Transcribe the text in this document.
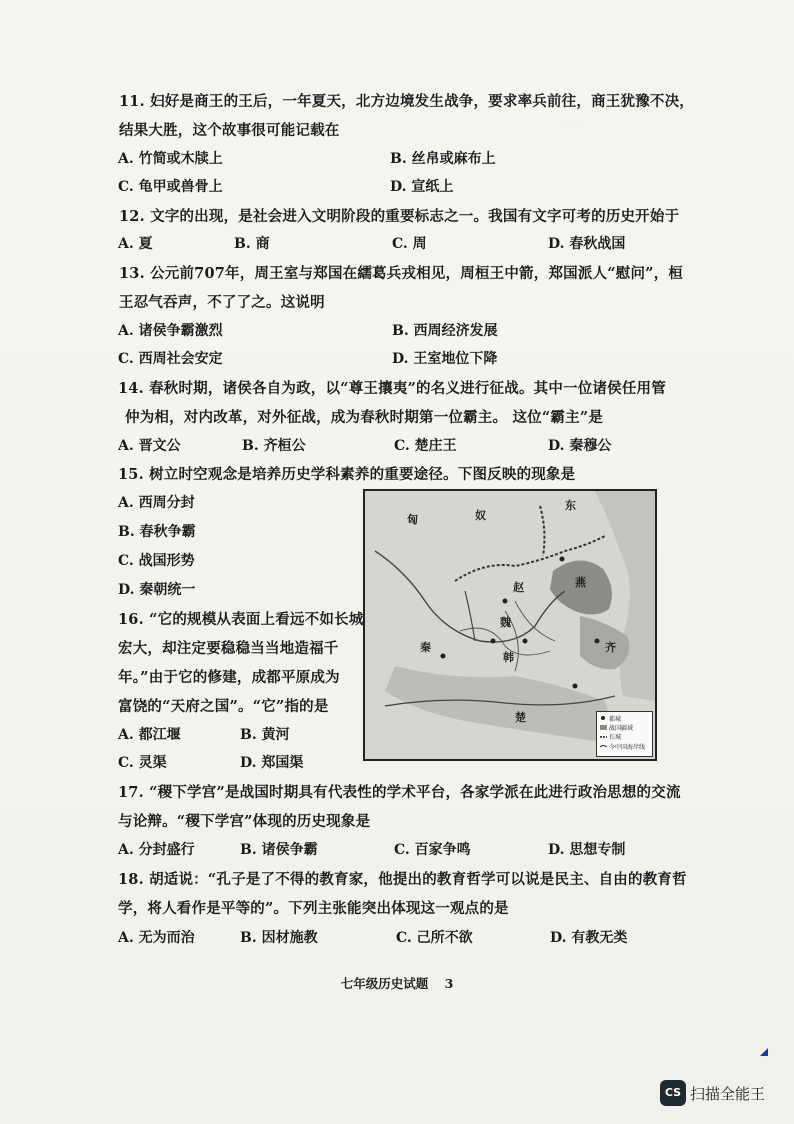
· · ·
11. 妇好是商王的王后，一年夏天，北方边境发生战争，要求率兵前往，商王犹豫不决，
结果大胜，这个故事很可能记载在
A. 竹简或木牍上	B. 丝帛或麻布上
C. 龟甲或兽骨上	D. 宣纸上
12. 文字的出现，是社会进入文明阶段的重要标志之一。我国有文字可考的历史开始于
A. 夏	B. 商	C. 周	D. 春秋战国
13. 公元前707年，周王室与郑国在繻葛兵戎相见，周桓王中箭，郑国派人“慰问”，桓
王忍气吞声，不了了之。这说明
A. 诸侯争霸激烈	B. 西周经济发展
C. 西周社会安定	D. 王室地位下降
14. 春秋时期，诸侯各自为政，以“尊王攘夷”的名义进行征战。其中一位诸侯任用管
仲为相，对内改革，对外征战，成为春秋时期第一位霸主。 这位“霸主”是
A. 晋文公	B. 齐桓公	C. 楚庄王	D. 秦穆公
15. 树立时空观念是培养历史学科素养的重要途径。下图反映的现象是
A. 西周分封
B. 春秋争霸
C. 战国形势
D. 秦朝统一
东
匈	奴
燕
赵
魏
韩
秦
楚
齐
都城
战国疆域
长城
今中国海岸线
16. “它的规模从表面上看远不如长城
宏大，却注定要稳稳当当地造福千
年。”由于它的修建，成都平原成为
富饶的“天府之国”。“它”指的是
A. 都江堰	B. 黄河
C. 灵渠	D. 郑国渠
17. “稷下学宫”是战国时期具有代表性的学术平台，各家学派在此进行政治思想的交流
与论辩。“稷下学宫”体现的历史现象是
A. 分封盛行	B. 诸侯争霸	C. 百家争鸣	D. 思想专制
18. 胡适说：“孔子是了不得的教育家，他提出的教育哲学可以说是民主、自由的教育哲
学，将人看作是平等的”。下列主张能突出体现这一观点的是
A. 无为而治	B. 因材施教	C. 己所不欲	D. 有教无类
七年级历史试题 3
CS 扫描全能王
